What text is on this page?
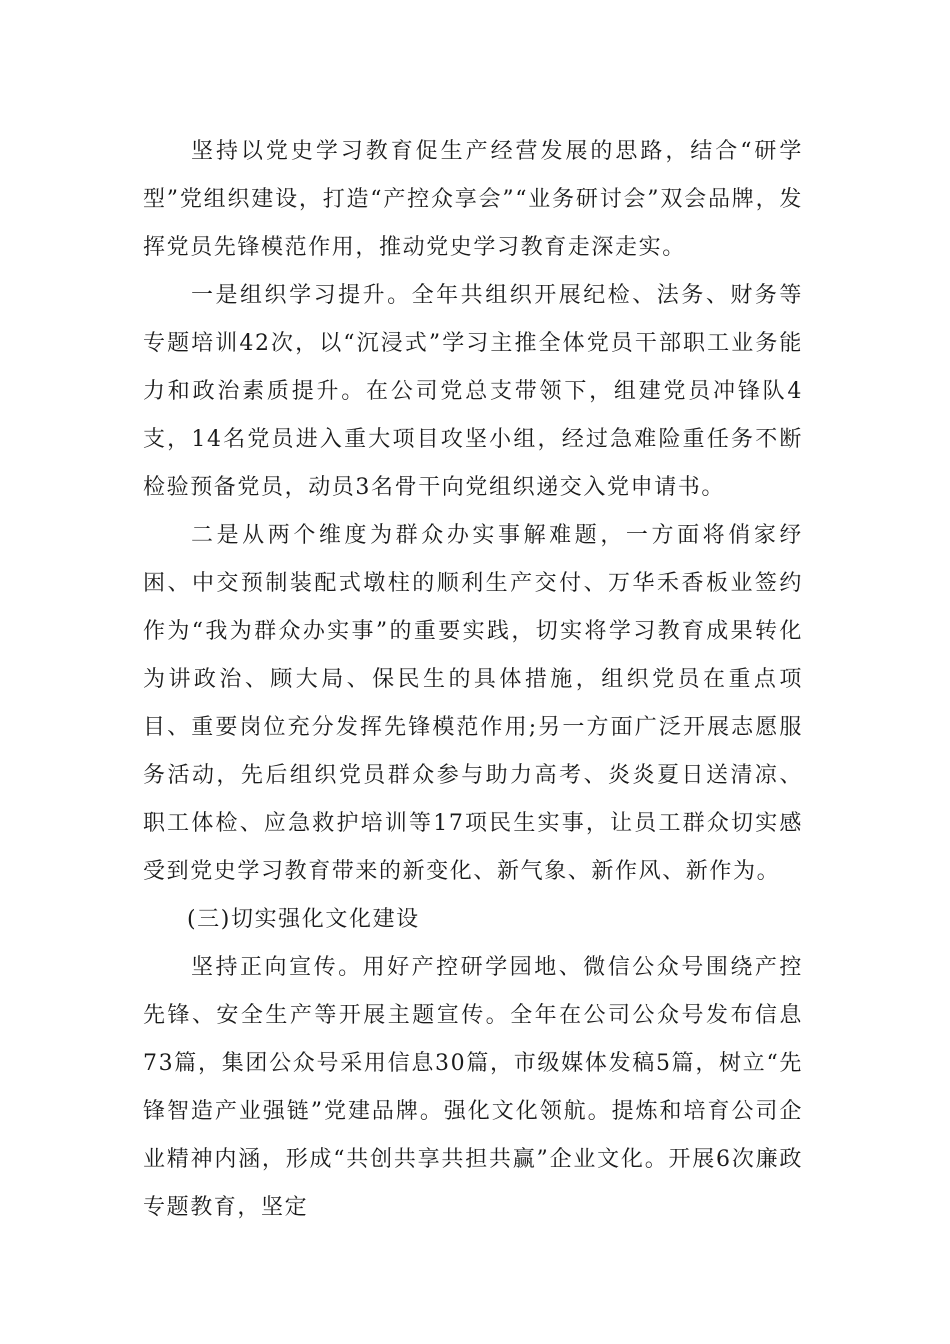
坚持以党史学习教育促生产经营发展的思路，结合“研学型”党组织建设，打造“产控众享会”“业务研讨会”双会品牌，发挥党员先锋模范作用，推动党史学习教育走深走实。

一是组织学习提升。全年共组织开展纪检、法务、财务等专题培训42次，以“沉浸式”学习主推全体党员干部职工业务能力和政治素质提升。在公司党总支带领下，组建党员冲锋队4支，14名党员进入重大项目攻坚小组，经过急难险重任务不断检验预备党员，动员3名骨干向党组织递交入党申请书。

二是从两个维度为群众办实事解难题，一方面将俏家纾困、中交预制装配式墩柱的顺利生产交付、万华禾香板业签约作为“我为群众办实事”的重要实践，切实将学习教育成果转化为讲政治、顾大局、保民生的具体措施，组织党员在重点项目、重要岗位充分发挥先锋模范作用;另一方面广泛开展志愿服务活动，先后组织党员群众参与助力高考、炎炎夏日送清凉、职工体检、应急救护培训等17项民生实事，让员工群众切实感受到党史学习教育带来的新变化、新气象、新作风、新作为。

(三)切实强化文化建设

坚持正向宣传。用好产控研学园地、微信公众号围绕产控先锋、安全生产等开展主题宣传。全年在公司公众号发布信息73篇，集团公众号采用信息30篇，市级媒体发稿5篇，树立“先锋智造产业强链”党建品牌。强化文化领航。提炼和培育公司企业精神内涵，形成“共创共享共担共赢”企业文化。开展6次廉政专题教育，坚定
